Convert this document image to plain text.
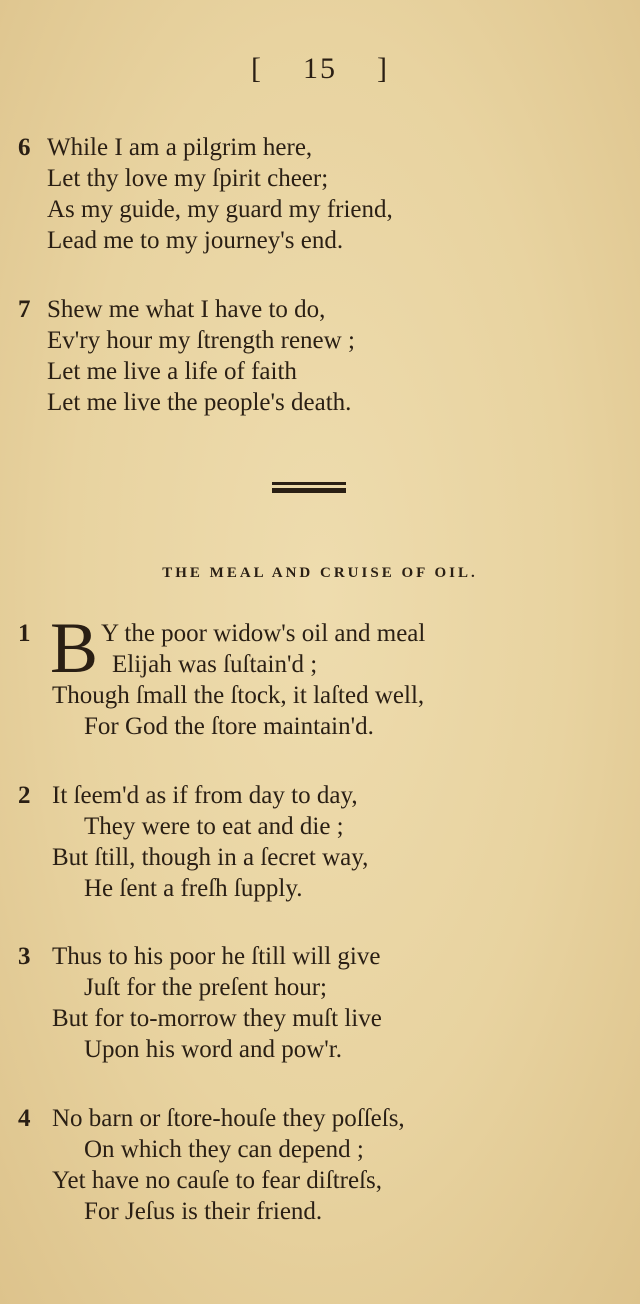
[ 15 ]
6 While I am a pilgrim here,
Let thy love my ſpirit cheer;
As my guide, my guard my friend,
Lead me to my journey's end.
7 Shew me what I have to do,
Ev'ry hour my ſtrength renew ;
Let me live a life of faith
Let me live the people's death.
THE MEAL AND CRUISE OF OIL.
1 B Y the poor widow's oil and meal
Elijah was ſuſtain'd ;
Though ſmall the ſtock, it laſted well,
For God the ſtore maintain'd.
2 It ſeem'd as if from day to day,
They were to eat and die ;
But ſtill, though in a ſecret way,
He ſent a freſh ſupply.
3 Thus to his poor he ſtill will give
Juſt for the preſent hour;
But for to-morrow they muſt live
Upon his word and pow'r.
4 No barn or ſtore-houſe they poſſeſs,
On which they can depend ;
Yet have no cauſe to fear diſtreſs,
For Jeſus is their friend.
